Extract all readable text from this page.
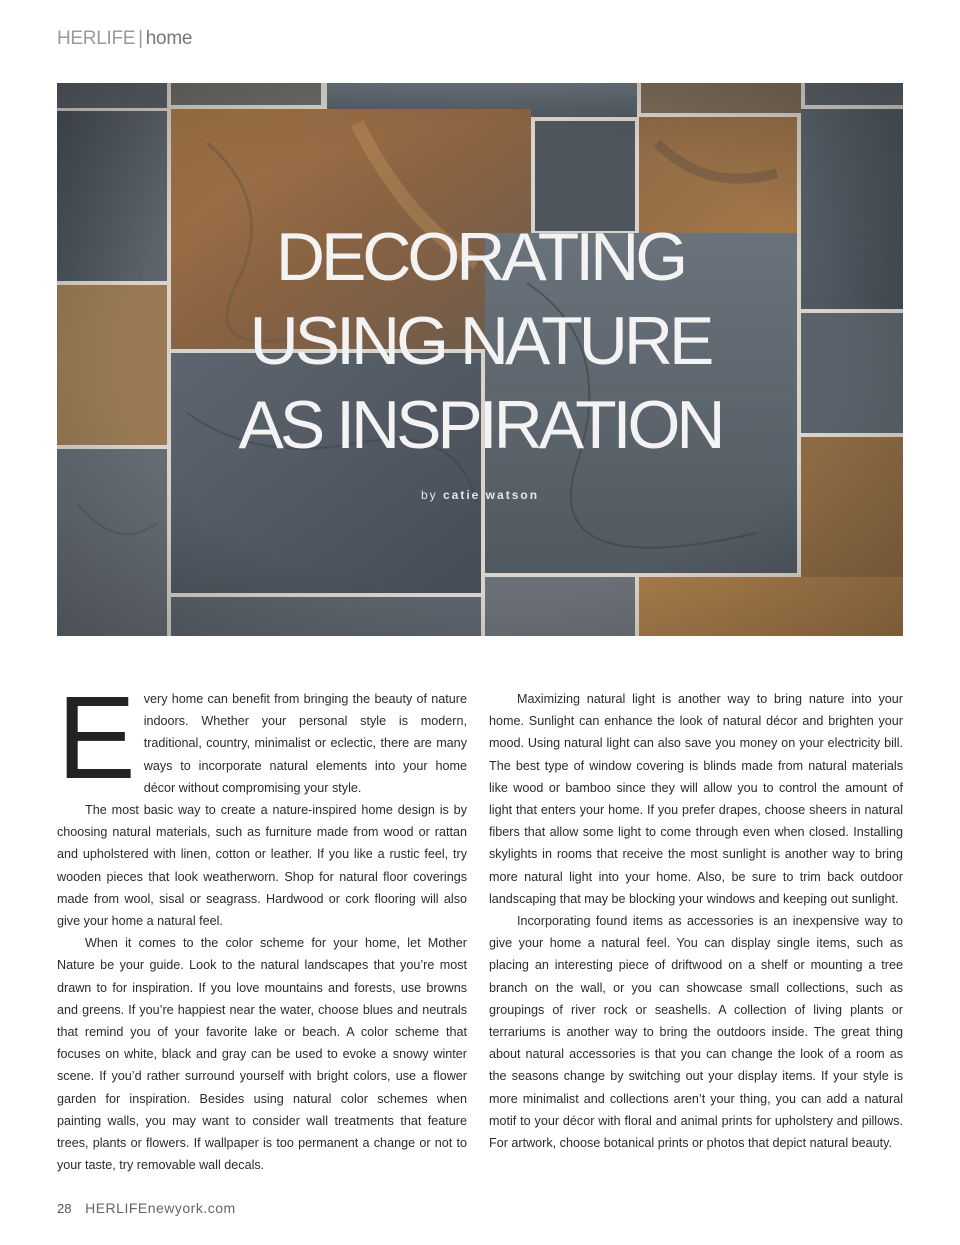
HERLIFE | home
DECORATING
USING NATURE
AS INSPIRATION
by catie watson

Every home can benefit from bringing the beauty of nature indoors. Whether your personal style is modern, traditional, country, minimalist or eclectic, there are many ways to incorporate natural elements into your home décor without compromising your style.

The most basic way to create a nature-inspired home design is by choosing natural materials, such as furniture made from wood or rattan and upholstered with linen, cotton or leather. If you like a rustic feel, try wooden pieces that look weatherworn. Shop for natural floor coverings made from wool, sisal or seagrass. Hardwood or cork flooring will also give your home a natural feel.

When it comes to the color scheme for your home, let Mother Nature be your guide. Look to the natural landscapes that you’re most drawn to for inspiration. If you love mountains and forests, use browns and greens. If you’re happiest near the water, choose blues and neutrals that remind you of your favorite lake or beach. A color scheme that focuses on white, black and gray can be used to evoke a snowy winter scene. If you’d rather surround yourself with bright colors, use a flower garden for inspiration. Besides using natural color schemes when painting walls, you may want to consider wall treatments that feature trees, plants or flowers. If wallpaper is too permanent a change or not to your taste, try removable wall decals.

Maximizing natural light is another way to bring nature into your home. Sunlight can enhance the look of natural décor and brighten your mood. Using natural light can also save you money on your electricity bill. The best type of window covering is blinds made from natural materials like wood or bamboo since they will allow you to control the amount of light that enters your home. If you prefer drapes, choose sheers in natural fibers that allow some light to come through even when closed. Installing skylights in rooms that receive the most sunlight is another way to bring more natural light into your home. Also, be sure to trim back outdoor landscaping that may be blocking your windows and keeping out sunlight.

Incorporating found items as accessories is an inexpensive way to give your home a natural feel. You can display single items, such as placing an interesting piece of driftwood on a shelf or mounting a tree branch on the wall, or you can showcase small collections, such as groupings of river rock or seashells. A collection of living plants or terrariums is another way to bring the outdoors inside. The great thing about natural accessories is that you can change the look of a room as the seasons change by switching out your display items. If your style is more minimalist and collections aren’t your thing, you can add a natural motif to your décor with floral and animal prints for upholstery and pillows. For artwork, choose botanical prints or photos that depict natural beauty.

28 HERLIFEnewyork.com
